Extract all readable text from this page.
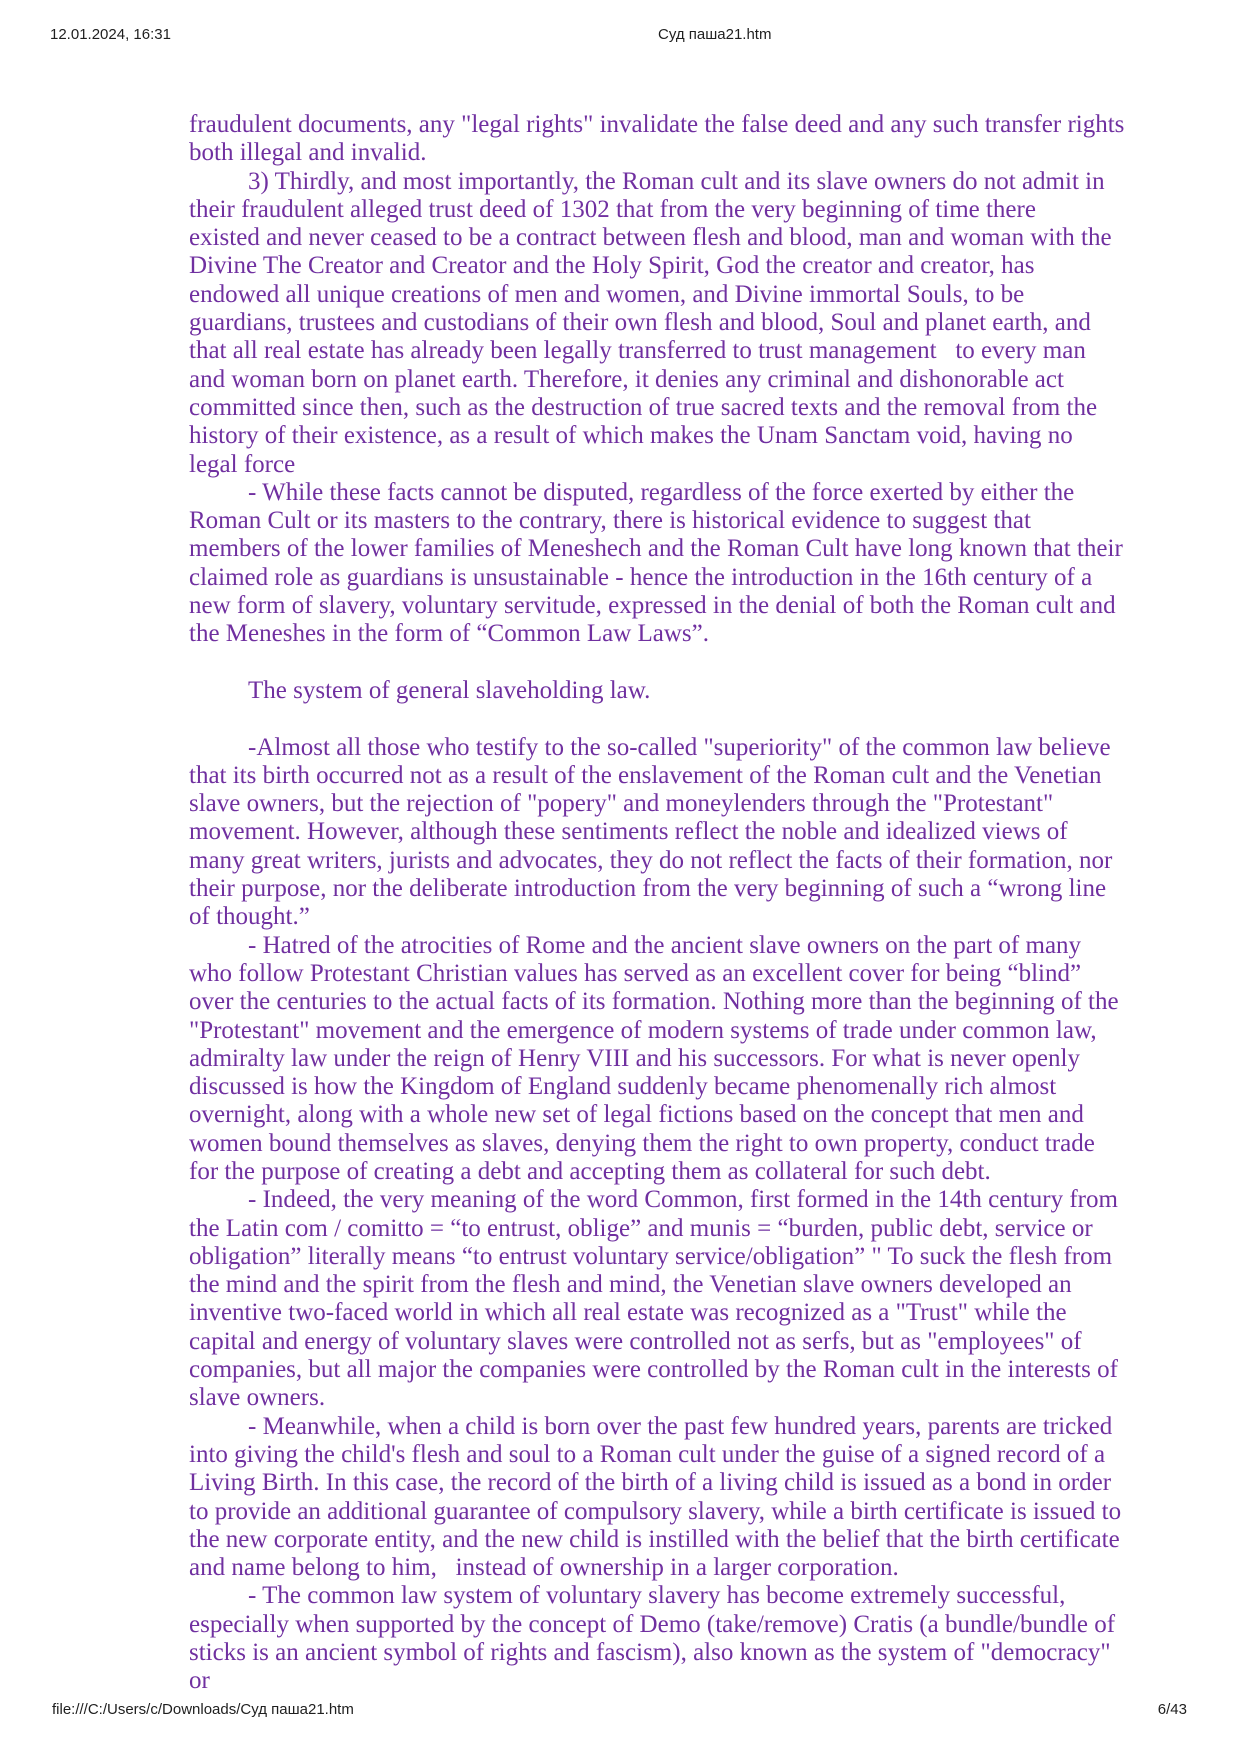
12.01.2024, 16:31	Суд паша21.htm

fraudulent documents, any "legal rights" invalidate the false deed and any such transfer rights both illegal and invalid.

3) Thirdly, and most importantly, the Roman cult and its slave owners do not admit in their fraudulent alleged trust deed of 1302 that from the very beginning of time there    existed and never ceased to be a contract between flesh and blood, man and woman with the Divine The Creator and Creator and the Holy Spirit, God the creator and creator, has endowed all unique creations of men and women, and Divine immortal Souls, to be guardians, trustees and custodians of their own flesh and blood, Soul and planet earth, and that all real estate has already been legally transferred to trust management   to every man and woman born on planet earth. Therefore, it denies any criminal and dishonorable act committed since then, such as the destruction of true sacred texts and the removal from the history of their existence, as a result of which makes the Unam Sanctam void, having no legal force

- While these facts cannot be disputed, regardless of the force exerted by either the Roman Cult or its masters to the contrary, there is historical evidence to suggest that members of the lower families of Meneshech and the Roman Cult have long known that their claimed role as guardians is unsustainable - hence the introduction in the 16th century of a new form of slavery, voluntary servitude, expressed in the denial of both the Roman cult and the Meneshes in the form of “Common Law Laws”.

The system of general slaveholding law.

-Almost all those who testify to the so-called "superiority" of the common law believe that its birth occurred not as a result of the enslavement of the Roman cult and the Venetian slave owners, but the rejection of "popery" and moneylenders through the "Protestant" movement. However, although these sentiments reflect the noble and idealized views of many great writers, jurists and advocates, they do not reflect the facts of their formation, nor their purpose, nor the deliberate introduction from the very beginning of such a “wrong line of thought.”

- Hatred of the atrocities of Rome and the ancient slave owners on the part of many who follow Protestant Christian values has served as an excellent cover for being “blind” over the centuries to the actual facts of its formation. Nothing more than the beginning of the "Protestant" movement and the emergence of modern systems of trade under common law, admiralty law under the reign of Henry VIII and his successors. For what is never openly discussed is how the Kingdom of England suddenly became phenomenally rich almost overnight, along with a whole new set of legal fictions based on the concept that men and women bound themselves as slaves, denying them the right to own property, conduct trade for the purpose of creating a debt and accepting them as collateral for such debt.

- Indeed, the very meaning of the word Common, first formed in the 14th century from the Latin com / comitto = “to entrust, oblige” and munis = “burden, public debt, service or obligation” literally means “to entrust voluntary service/obligation” " To suck the flesh from the mind and the spirit from the flesh and mind, the Venetian slave owners developed an inventive two-faced world in which all real estate was recognized as a "Trust" while the capital and energy of voluntary slaves were controlled not as serfs, but as "employees" of companies, but all major the companies were controlled by the Roman cult in the interests of slave owners.

- Meanwhile, when a child is born over the past few hundred years, parents are tricked into giving the child's flesh and soul to a Roman cult under the guise of a signed record of a Living Birth. In this case, the record of the birth of a living child is issued as a bond in order to provide an additional guarantee of compulsory slavery, while a birth certificate is issued to the new corporate entity, and the new child is instilled with the belief that the birth certificate and name belong to him,   instead of ownership in a larger corporation.

- The common law system of voluntary slavery has become extremely successful, especially when supported by the concept of Demo (take/remove) Cratis (a bundle/bundle of sticks is an ancient symbol of rights and fascism), also known as the system of "democracy" or

file:///C:/Users/c/Downloads/Суд паша21.htm	6/43
